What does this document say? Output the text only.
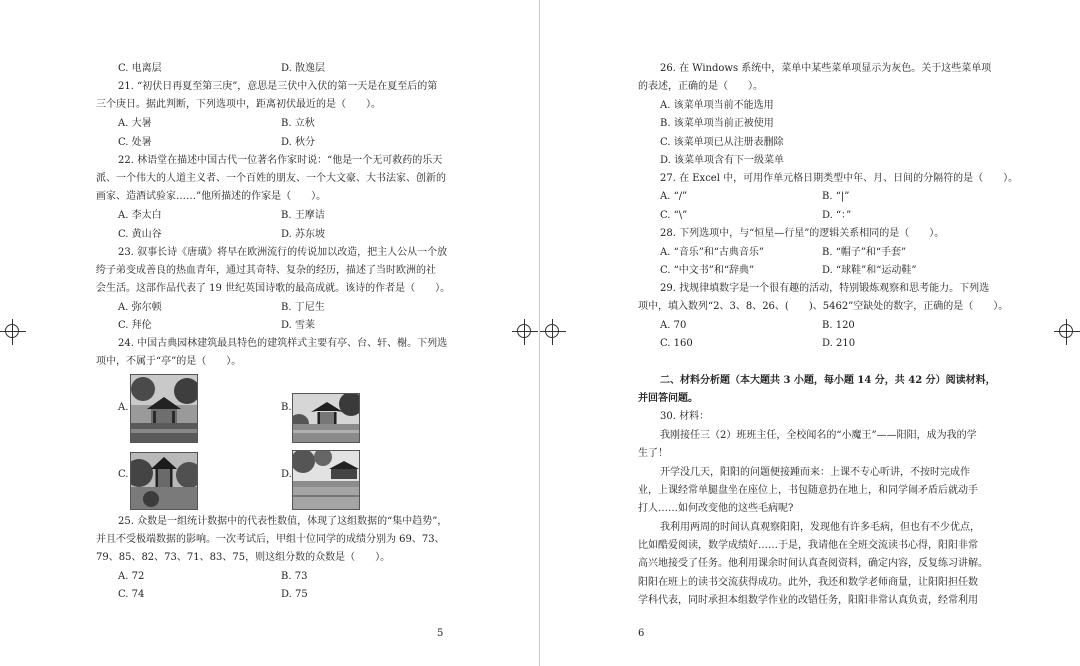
C. 电离层	D. 散逸层
21. “初伏日再夏至第三庚”，意思是三伏中入伏的第一天是在夏至后的第
三个庚日。据此判断，下列选项中，距离初伏最近的是（　　）。
A. 大暑	B. 立秋
C. 处暑	D. 秋分
22. 林语堂在描述中国古代一位著名作家时说：“他是一个无可救药的乐天
派、一个伟大的人道主义者、一个百姓的朋友、一个大文豪、大书法家、创新的
画家、造酒试验家……”他所描述的作家是（　　）。
A. 李太白	B. 王摩诘
C. 黄山谷	D. 苏东坡
23. 叙事长诗《唐璜》将早在欧洲流行的传说加以改造，把主人公从一个放
绔子弟变成善良的热血青年，通过其奇特、复杂的经历，描述了当时欧洲的社
会生活。这部作品代表了 19 世纪英国诗歌的最高成就。该诗的作者是（　　）。
A. 弥尔顿	B. 丁尼生
C. 拜伦	D. 雪莱
24. 中国古典园林建筑最具特色的建筑样式主要有亭、台、轩、榭。下列选
项中，不属于“亭”的是（　　）。
A.	B.
C.	D.
25. 众数是一组统计数据中的代表性数值，体现了这组数据的“集中趋势”，
并且不受极端数据的影响。一次考试后，甲组十位同学的成绩分别为 69、73、
79、85、82、73、71、83、75，则这组分数的众数是（　　）。
A. 72	B. 73
C. 74	D. 75
5
26. 在 Windows 系统中，菜单中某些菜单项显示为灰色。关于这些菜单项
的表述，正确的是（　　）。
A. 该菜单项当前不能选用
B. 该菜单项当前正被使用
C. 该菜单项已从注册表删除
D. 该菜单项含有下一级菜单
27. 在 Excel 中，可用作单元格日期类型中年、月、日间的分隔符的是（　　）。
A. “/”	B. “|”
C. “\”	D. “：”
28. 下列选项中，与“恒星—行星”的逻辑关系相同的是（　　）。
A. “音乐”和“古典音乐”	B. “帽子”和“手套”
C. “中文书”和“辞典”	D. “球鞋”和“运动鞋”
29. 找规律填数字是一个很有趣的活动，特别锻炼观察和思考能力。下列选
项中，填入数列“2、3、8、26、(　　)、5462”空缺处的数字，正确的是（　　）。
A. 70	B. 120
C. 160	D. 210
二、材料分析题（本大题共 3 小题，每小题 14 分，共 42 分）阅读材料，
并回答问题。
30. 材料：
我刚接任三（2）班班主任，全校闻名的“小魔王”——阳阳，成为我的学
生了！
开学没几天，阳阳的问题便接踵而来：上课不专心听讲，不按时完成作
业，上课经常单腿盘坐在座位上，书包随意扔在地上，和同学闹矛盾后就动手
打人……如何改变他的这些毛病呢?
我利用两周的时间认真观察阳阳，发现他有许多毛病，但也有不少优点，
比如酷爱阅读，数学成绩好……于是，我请他在全班交流读书心得，阳阳非常
高兴地接受了任务。他利用课余时间认真查阅资料，确定内容，反复练习讲解。
阳阳在班上的读书交流获得成功。此外，我还和数学老师商量，让阳阳担任数
学科代表，同时承担本组数学作业的改错任务，阳阳非常认真负责，经常利用
6
